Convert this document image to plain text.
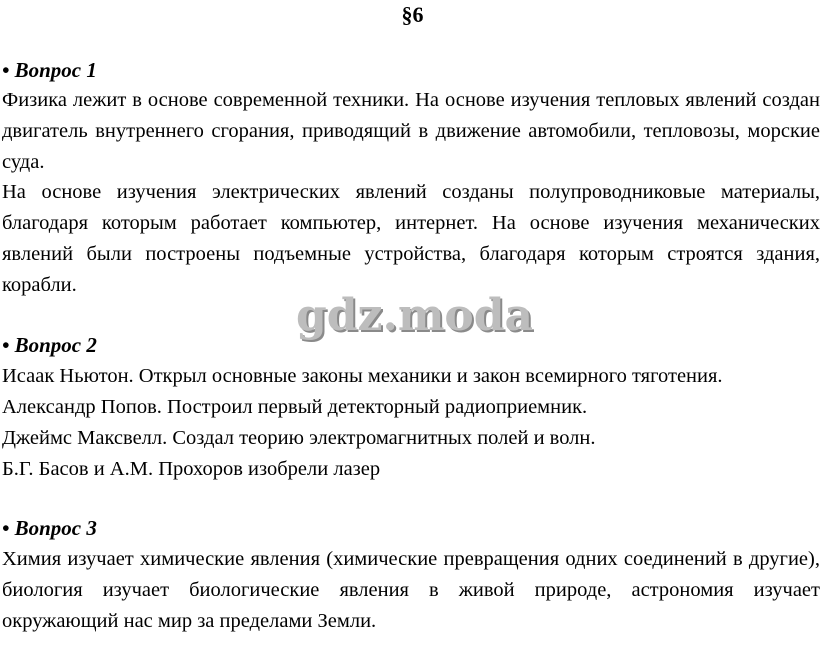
§6
• Вопрос 1
Физика лежит в основе современной техники. На основе изучения тепловых явлений создан двигатель внутреннего сгорания, приводящий в движение автомобили, тепловозы, морские суда.
На основе изучения электрических явлений созданы полупроводниковые материалы, благодаря которым работает компьютер, интернет. На основе изучения механических явлений были построены подъемные устройства, благодаря которым строятся здания, корабли.
gdz.moda
• Вопрос 2
Исаак Ньютон. Открыл основные законы механики и закон всемирного тяготения.
Александр Попов. Построил первый детекторный радиоприемник.
Джеймс Максвелл. Создал теорию электромагнитных полей и волн.
Б.Г. Басов и А.М. Прохоров изобрели лазер
• Вопрос 3
Химия изучает химические явления (химические превращения одних соединений в другие), биология изучает биологические явления в живой природе, астрономия изучает окружающий нас мир за пределами Земли.
